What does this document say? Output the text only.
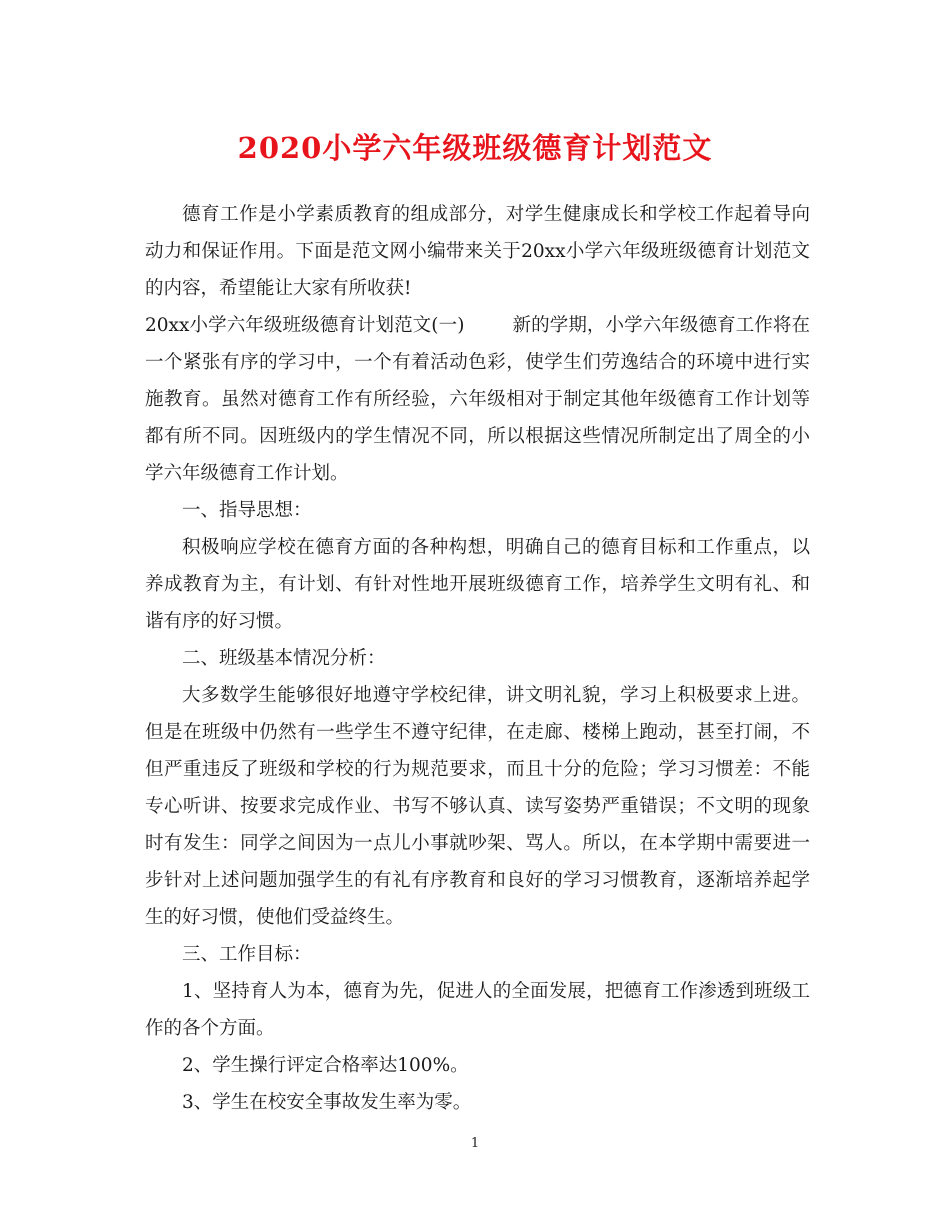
2020小学六年级班级德育计划范文

德育工作是小学素质教育的组成部分，对学生健康成长和学校工作起着导向动力和保证作用。下面是范文网小编带来关于20xx小学六年级班级德育计划范文的内容，希望能让大家有所收获!

20xx小学六年级班级德育计划范文(一)	新的学期，小学六年级德育工作将在一个紧张有序的学习中，一个有着活动色彩，使学生们劳逸结合的环境中进行实施教育。虽然对德育工作有所经验，六年级相对于制定其他年级德育工作计划等都有所不同。因班级内的学生情况不同，所以根据这些情况所制定出了周全的小学六年级德育工作计划。

一、指导思想：

积极响应学校在德育方面的各种构想，明确自己的德育目标和工作重点，以养成教育为主，有计划、有针对性地开展班级德育工作，培养学生文明有礼、和谐有序的好习惯。

二、班级基本情况分析：

大多数学生能够很好地遵守学校纪律，讲文明礼貌，学习上积极要求上进。但是在班级中仍然有一些学生不遵守纪律，在走廊、楼梯上跑动，甚至打闹，不但严重违反了班级和学校的行为规范要求，而且十分的危险；学习习惯差：不能专心听讲、按要求完成作业、书写不够认真、读写姿势严重错误；不文明的现象时有发生：同学之间因为一点儿小事就吵架、骂人。所以，在本学期中需要进一步针对上述问题加强学生的有礼有序教育和良好的学习习惯教育，逐渐培养起学生的好习惯，使他们受益终生。

三、工作目标：

1、坚持育人为本，德育为先，促进人的全面发展，把德育工作渗透到班级工作的各个方面。

2、学生操行评定合格率达100%。

3、学生在校安全事故发生率为零。

1
